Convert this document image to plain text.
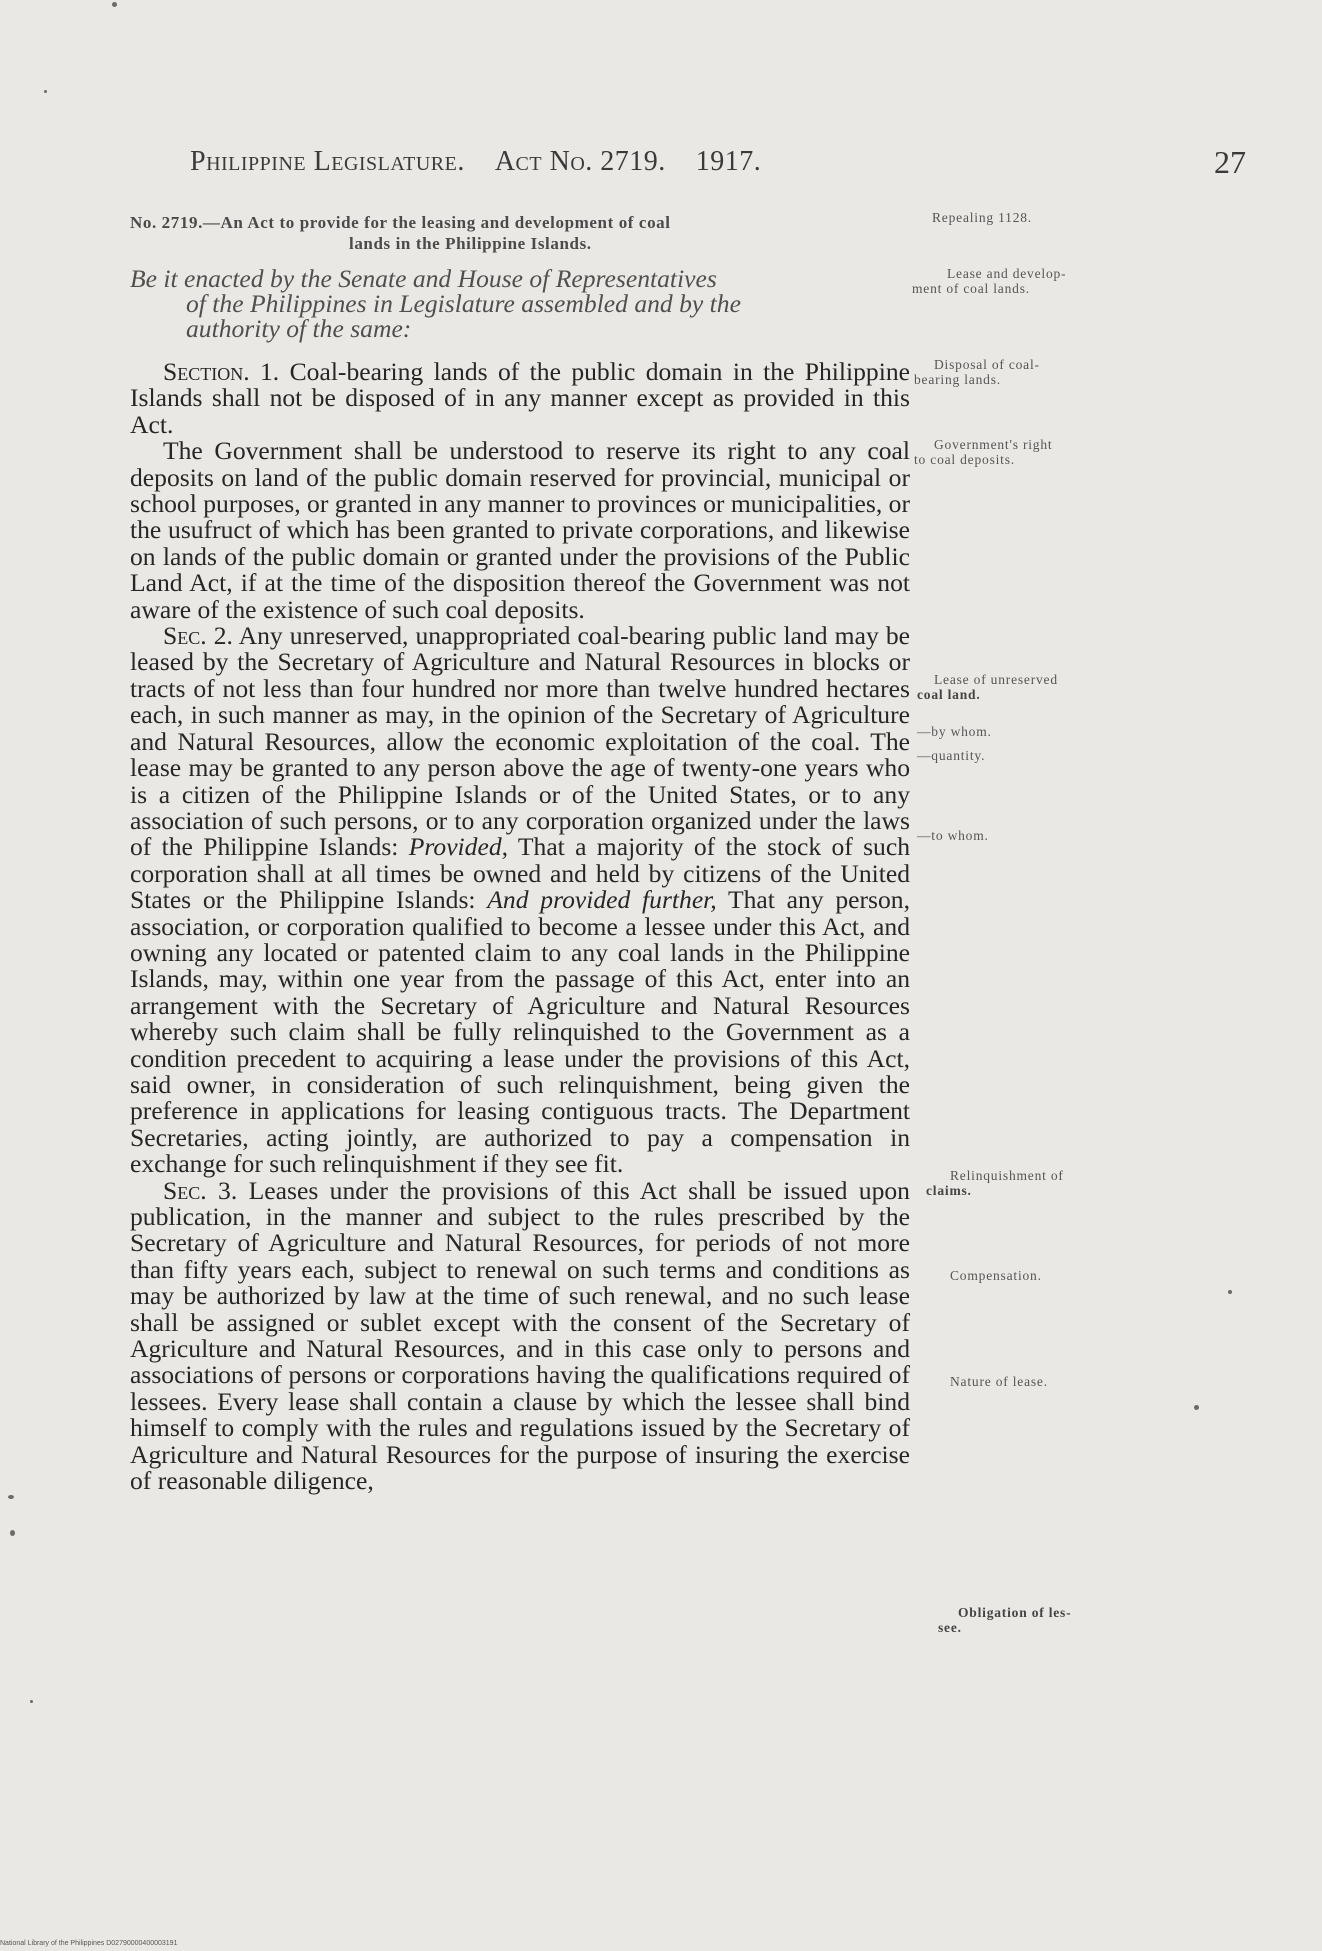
Philippine Legislature. Act No. 2719. 1917.	27

No. 2719.—An Act to provide for the leasing and development of coal
lands in the Philippine Islands.

Be it enacted by the Senate and House of Representatives
of the Philippines in Legislature assembled and by the
authority of the same:

Section. 1. Coal-bearing lands of the public domain in the Philippine Islands shall not be disposed of in any manner except as provided in this Act.

The Government shall be understood to reserve its right to any coal deposits on land of the public domain reserved for provincial, municipal or school purposes, or granted in any manner to provinces or municipalities, or the usufruct of which has been granted to private corporations, and likewise on lands of the public domain or granted under the provisions of the Public Land Act, if at the time of the disposition thereof the Government was not aware of the existence of such coal deposits.

Sec. 2. Any unreserved, unappropriated coal-bearing public land may be leased by the Secretary of Agriculture and Natural Resources in blocks or tracts of not less than four hundred nor more than twelve hundred hectares each, in such manner as may, in the opinion of the Secretary of Agriculture and Natural Resources, allow the economic exploitation of the coal. The lease may be granted to any person above the age of twenty-one years who is a citizen of the Philippine Islands or of the United States, or to any association of such persons, or to any corporation organized under the laws of the Philippine Islands: Provided, That a majority of the stock of such corporation shall at all times be owned and held by citizens of the United States or the Philippine Islands: And provided further, That any person, association, or corporation qualified to become a lessee under this Act, and owning any located or patented claim to any coal lands in the Philippine Islands, may, within one year from the passage of this Act, enter into an arrangement with the Secretary of Agriculture and Natural Resources whereby such claim shall be fully relinquished to the Government as a condition precedent to acquiring a lease under the provisions of this Act, said owner, in consideration of such relinquishment, being given the preference in applications for leasing contiguous tracts. The Department Secretaries, acting jointly, are authorized to pay a compensation in exchange for such relinquishment if they see fit.

Sec. 3. Leases under the provisions of this Act shall be issued upon publication, in the manner and subject to the rules prescribed by the Secretary of Agriculture and Natural Resources, for periods of not more than fifty years each, subject to renewal on such terms and conditions as may be authorized by law at the time of such renewal, and no such lease shall be assigned or sublet except with the consent of the Secretary of Agriculture and Natural Resources, and in this case only to persons and associations of persons or corporations having the qualifications required of lessees. Every lease shall contain a clause by which the lessee shall bind himself to comply with the rules and regulations issued by the Secretary of Agriculture and Natural Resources for the purpose of insuring the exercise of reasonable diligence,

Repealing 1128.
Lease and develop-
ment of coal lands.
Disposal of coal-
bearing lands.
Government's right
to coal deposits.
Lease of unreserved
coal land.
—by whom.
—quantity.
—to whom.
Relinquishment of
claims.
Compensation.
Nature of lease.
Obligation of les-
see.
National Library of the Philippines D02790000400003191
